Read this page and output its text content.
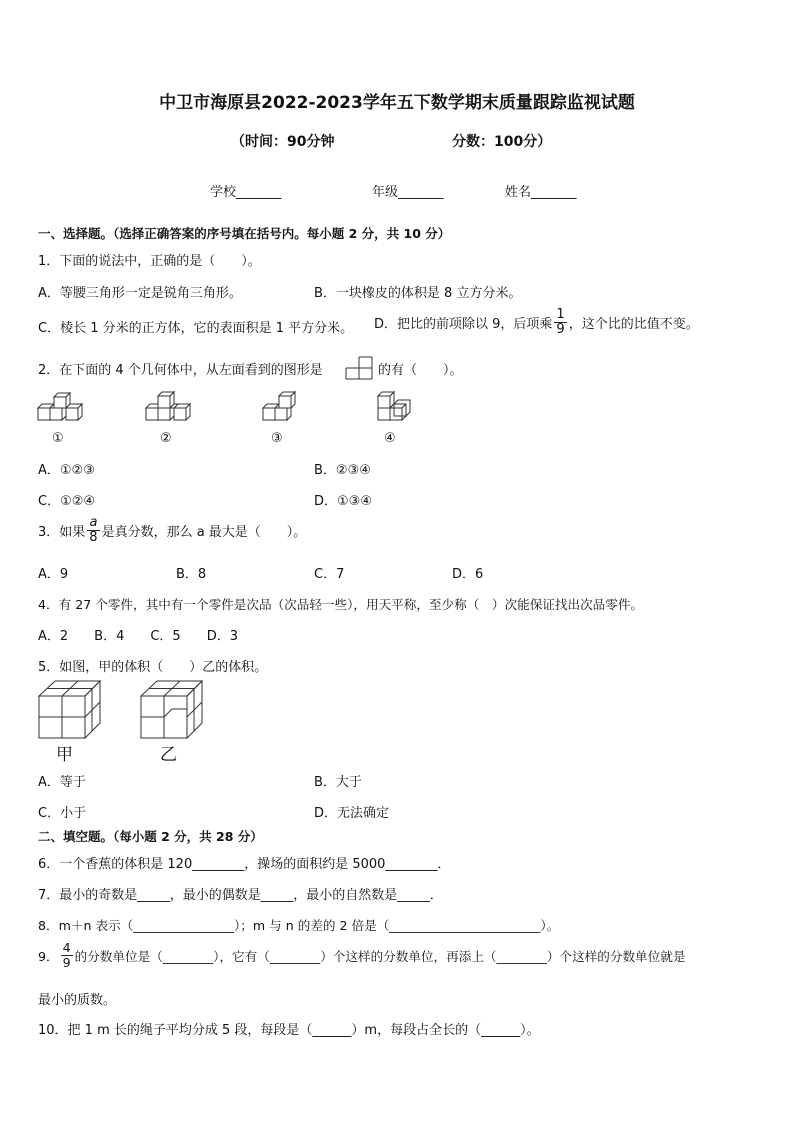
中卫市海原县2022-2023学年五下数学期末质量跟踪监视试题
（时间：90分钟	分数：100分）
学校_______	年级_______	姓名_______
一、选择题。（选择正确答案的序号填在括号内。每小题 2 分，共 10 分）
1．下面的说法中，正确的是（　　）。
A．等腰三角形一定是锐角三角形。	B．一块橡皮的体积是 8 立方分米。
C．棱长 1 分米的正方体，它的表面积是 1 平方分米。 D．把比的前项除以 9，后项乘 $\frac{1}{9}$ ，这个比的比值不变。
2．在下面的 4 个几何体中，从左面看到的图形是	的有（　　）。
①	②	③	④
A．①②③	B．②③④
C．①②④	D．①③④
3．如果 $\frac{a}{8}$ 是真分数，那么 a 最大是（　　）。
A．9	B．8	C．7	D．6
4．有 27 个零件，其中有一个零件是次品（次品轻一些），用天平称，至少称（　）次能保证找出次品零件。
A．2　　B．4　　C．5　　D．3
5．如图，甲的体积（　　）乙的体积。
甲	乙
A．等于	B．大于
C．小于	D．无法确定
二、填空题。（每小题 2 分，共 28 分）
6．一个香蕉的体积是 120________，操场的面积约是 5000________．
7．最小的奇数是_____，最小的偶数是_____，最小的自然数是_____．
8．m＋n 表示（________________）；m 与 n 的差的 2 倍是（________________________）。
9． $\frac{4}{9}$ 的分数单位是（________），它有（________）个这样的分数单位，再添上（________）个这样的分数单位就是
最小的质数。
10．把 1 m 长的绳子平均分成 5 段，每段是（______）m，每段占全长的（______）。
